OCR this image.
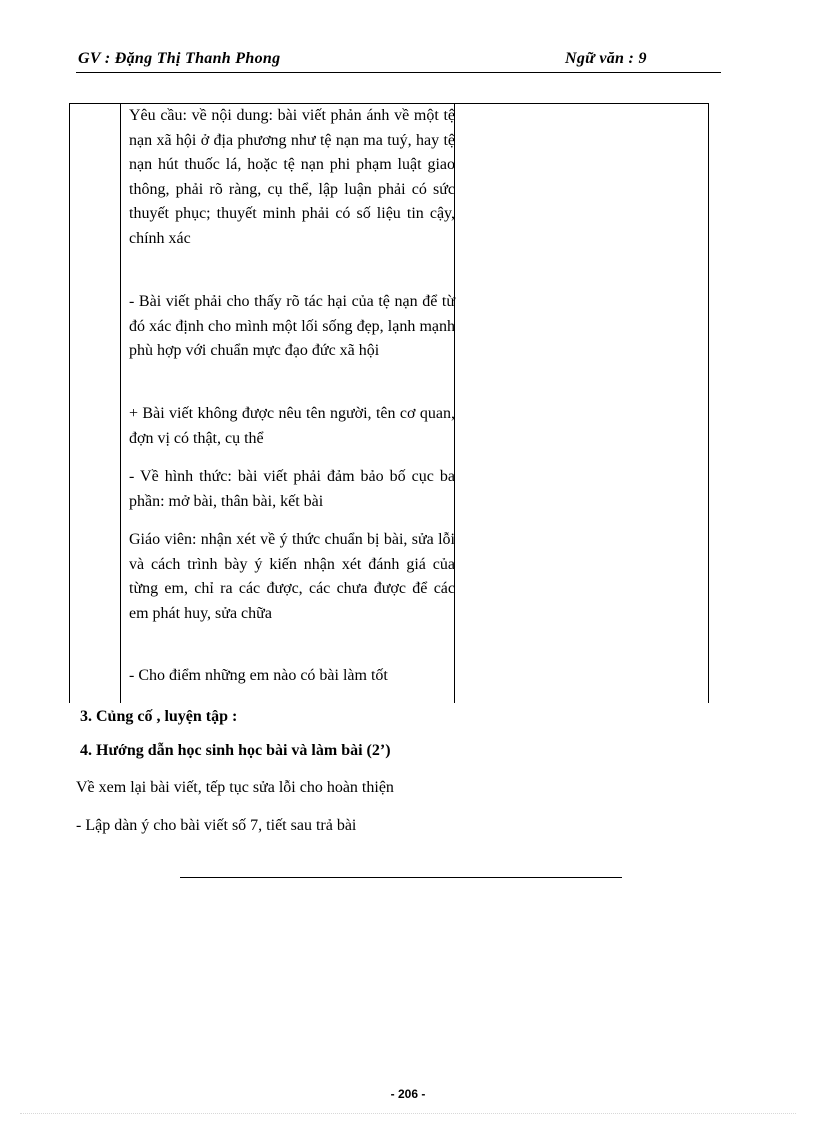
GV : Đặng Thị Thanh Phong	Ngữ văn : 9

Yêu cầu: về nội dung: bài viết phản ánh về một tệ nạn xã hội ở địa phương như tệ nạn ma tuý, hay tệ nạn hút thuốc lá, hoặc tệ nạn phi phạm luật giao thông, phải rõ ràng, cụ thể, lập luận phải có sức thuyết phục; thuyết minh phải có số liệu tin cậy, chính xác

- Bài viết phải cho thấy rõ tác hại của tệ nạn để từ đó xác định cho mình một lối sống đẹp, lạnh mạnh phù hợp với chuẩn mực đạo đức xã hội

+ Bài viết không được nêu tên người, tên cơ quan, đợn vị có thật, cụ thể

- Về hình thức: bài viết phải đảm bảo bố cục ba phần: mở bài, thân bài, kết bài

Giáo viên: nhận xét về ý thức chuẩn bị bài, sửa lỗi và cách trình bày ý kiến nhận xét đánh giá của từng em, chỉ ra các được, các chưa được để các em phát huy, sửa chữa

- Cho điểm những em nào có bài làm tốt

3. Củng cố , luyện tập :
4. Hướng dẫn học sinh học bài và làm bài (2’)
Về xem lại bài viết, tếp tục sửa lỗi cho hoàn thiện
- Lập dàn ý cho bài viết số 7, tiết sau trả bài
- 206 -
